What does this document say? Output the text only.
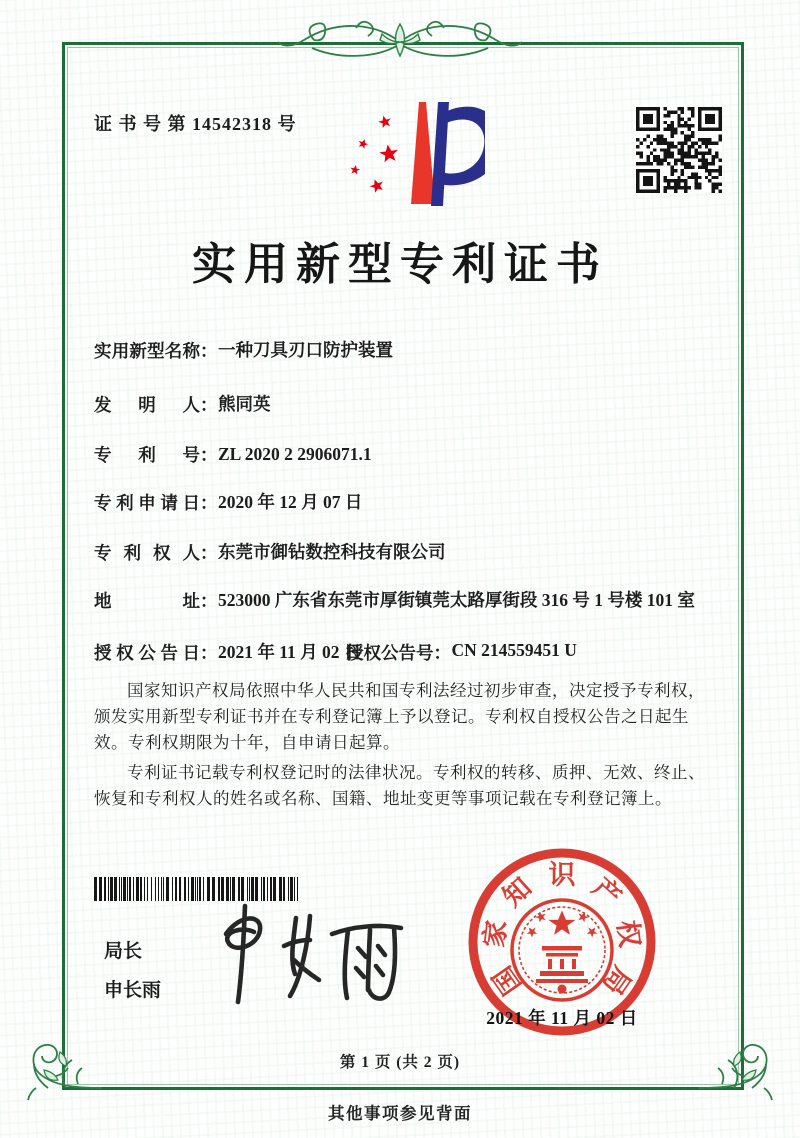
证 书 号 第 14542318 号
实用新型专利证书
实用新型名称 ： 一种刀具刃口防护装置
发明人 ： 熊同英
专利号 ： ZL 2020 2 2906071.1
专利申请日 ： 2020 年 12 月 07 日
专利权人 ： 东莞市御钻数控科技有限公司
地址 ： 523000 广东省东莞市厚街镇莞太路厚街段 316 号 1 号楼 101 室
授权公告日 ： 2021 年 11 月 02 日
授权公告号 ： CN 214559451 U

国家知识产权局依照中华人民共和国专利法经过初步审查，决定授予专利权，颁发实用新型专利证书并在专利登记簿上予以登记。专利权自授权公告之日起生效。专利权期限为十年，自申请日起算。

专利证书记载专利权登记时的法律状况。专利权的转移、质押、无效、终止、恢复和专利权人的姓名或名称、国籍、地址变更等事项记载在专利登记簿上。

局长
申长雨	国
家
知 识 产
权
局
2021 年 11 月 02 日
第 1 页 (共 2 页)
其他事项参见背面
